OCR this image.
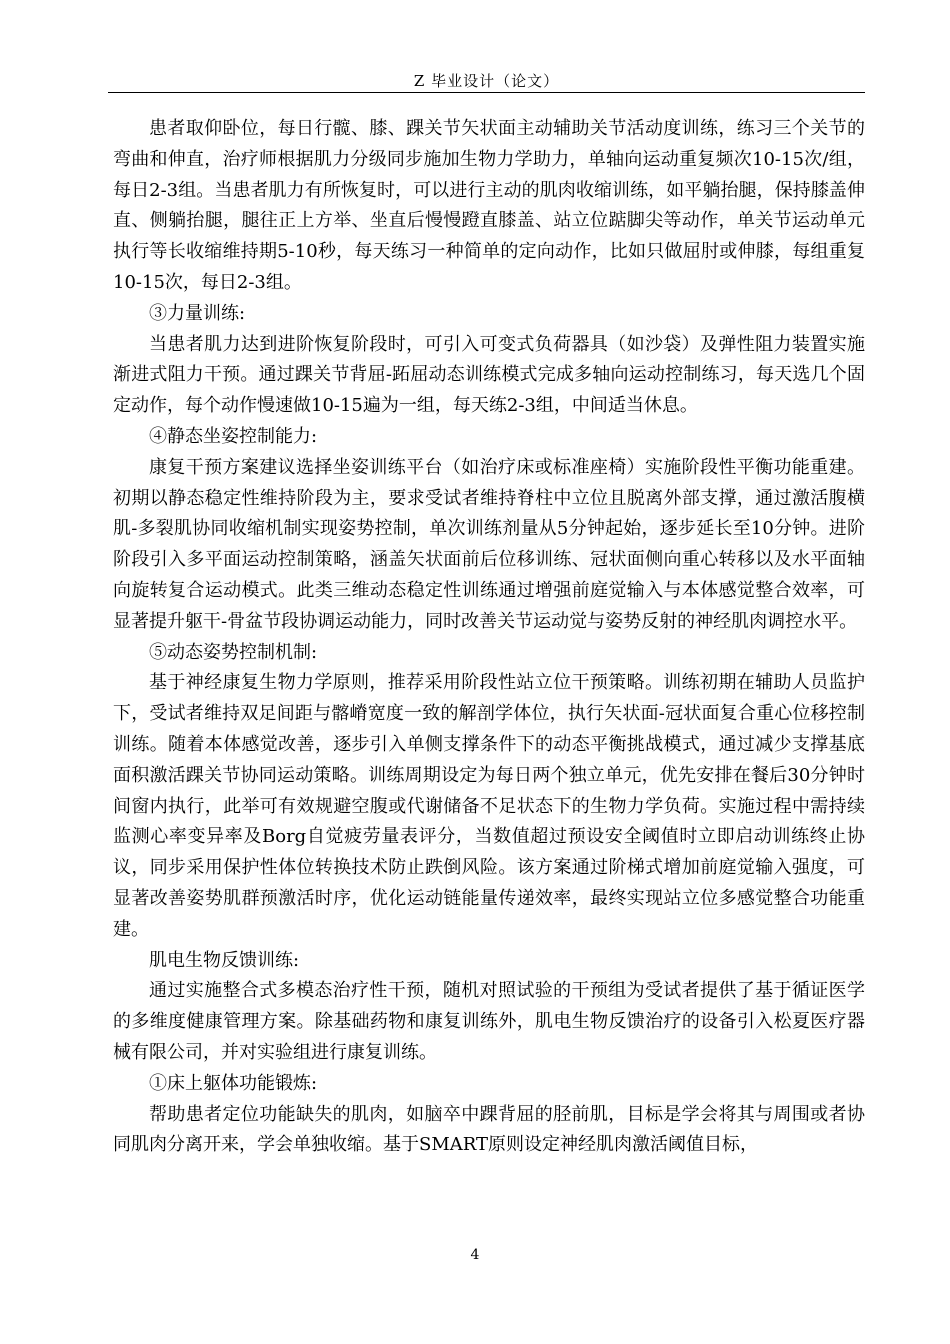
Z 毕业设计（论文）

患者取仰卧位，每日行髋、膝、踝关节矢状面主动辅助关节活动度训练，练习三个关节的弯曲和伸直，治疗师根据肌力分级同步施加生物力学助力，单轴向运动重复频次10-15次/组，每日2-3组。当患者肌力有所恢复时，可以进行主动的肌肉收缩训练，如平躺抬腿，保持膝盖伸直、侧躺抬腿，腿往正上方举、坐直后慢慢蹬直膝盖、站立位踮脚尖等动作，单关节运动单元执行等长收缩维持期5-10秒，每天练习一种简单的定向动作，比如只做屈肘或伸膝，每组重复10-15次，每日2-3组。

③力量训练:

当患者肌力达到进阶恢复阶段时，可引入可变式负荷器具（如沙袋）及弹性阻力装置实施渐进式阻力干预。通过踝关节背屈-跖屈动态训练模式完成多轴向运动控制练习，每天选几个固定动作，每个动作慢速做10-15遍为一组，每天练2-3组，中间适当休息。

④静态坐姿控制能力:

康复干预方案建议选择坐姿训练平台（如治疗床或标准座椅）实施阶段性平衡功能重建。初期以静态稳定性维持阶段为主，要求受试者维持脊柱中立位且脱离外部支撑，通过激活腹横肌-多裂肌协同收缩机制实现姿势控制，单次训练剂量从5分钟起始，逐步延长至10分钟。进阶阶段引入多平面运动控制策略，涵盖矢状面前后位移训练、冠状面侧向重心转移以及水平面轴向旋转复合运动模式。此类三维动态稳定性训练通过增强前庭觉输入与本体感觉整合效率，可显著提升躯干-骨盆节段协调运动能力，同时改善关节运动觉与姿势反射的神经肌肉调控水平。

⑤动态姿势控制机制:

基于神经康复生物力学原则，推荐采用阶段性站立位干预策略。训练初期在辅助人员监护下，受试者维持双足间距与髂嵴宽度一致的解剖学体位，执行矢状面-冠状面复合重心位移控制训练。随着本体感觉改善，逐步引入单侧支撑条件下的动态平衡挑战模式，通过减少支撑基底面积激活踝关节协同运动策略。训练周期设定为每日两个独立单元，优先安排在餐后30分钟时间窗内执行，此举可有效规避空腹或代谢储备不足状态下的生物力学负荷。实施过程中需持续监测心率变异率及Borg自觉疲劳量表评分，当数值超过预设安全阈值时立即启动训练终止协议，同步采用保护性体位转换技术防止跌倒风险。该方案通过阶梯式增加前庭觉输入强度，可显著改善姿势肌群预激活时序，优化运动链能量传递效率，最终实现站立位多感觉整合功能重建。

肌电生物反馈训练:

通过实施整合式多模态治疗性干预，随机对照试验的干预组为受试者提供了基于循证医学的多维度健康管理方案。除基础药物和康复训练外，肌电生物反馈治疗的设备引入松夏医疗器械有限公司，并对实验组进行康复训练。

①床上躯体功能锻炼:

帮助患者定位功能缺失的肌肉，如脑卒中踝背屈的胫前肌，目标是学会将其与周围或者协同肌肉分离开来，学会单独收缩。基于SMART原则设定神经肌肉激活阈值目标，

4
